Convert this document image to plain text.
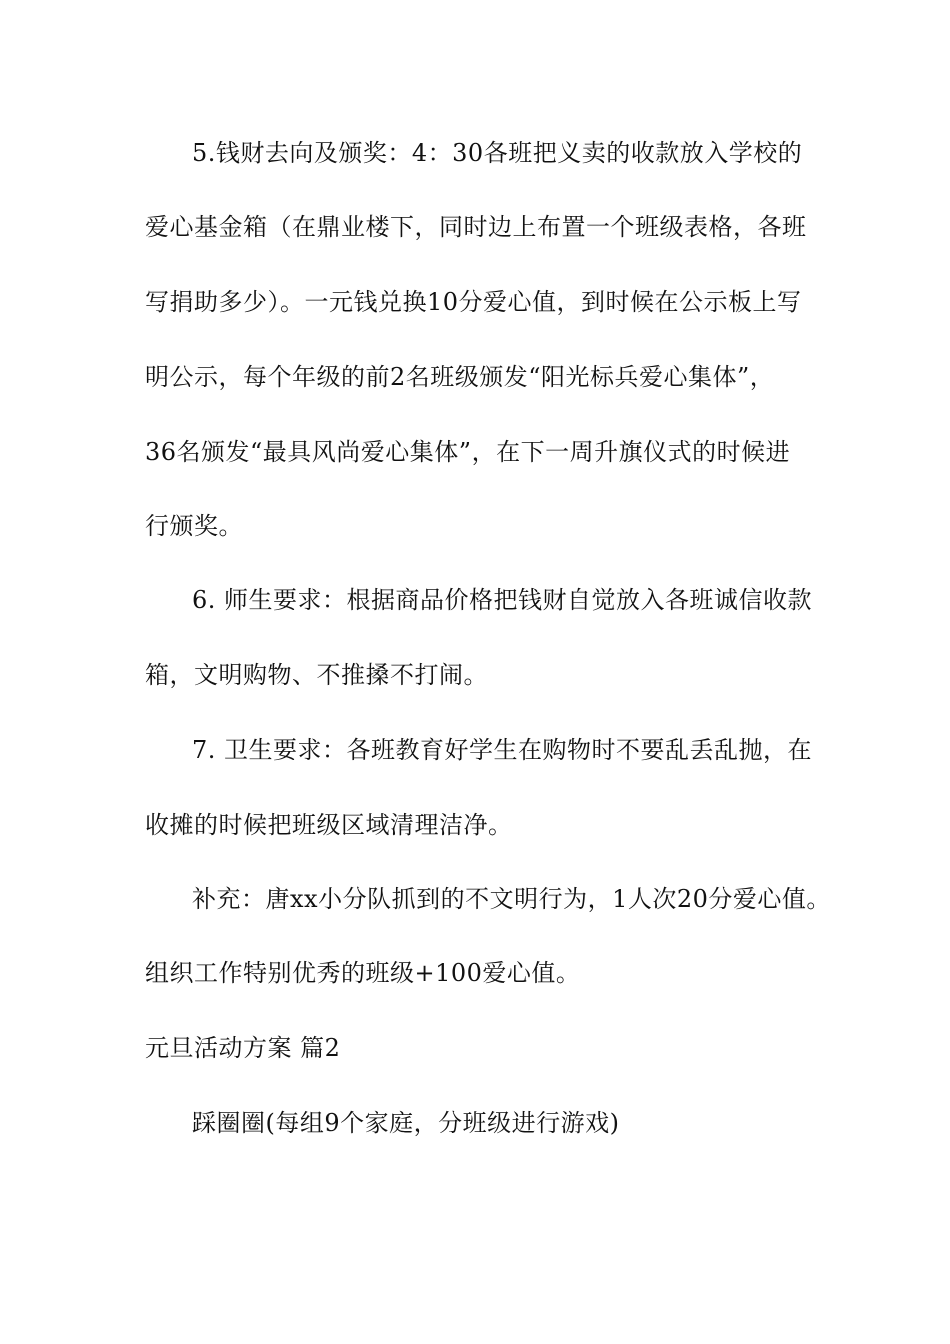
5.钱财去向及颁奖：4：30各班把义卖的收款放入学校的
爱心基金箱（在鼎业楼下，同时边上布置一个班级表格，各班
写捐助多少）。一元钱兑换10分爱心值，到时候在公示板上写
明公示，每个年级的前2名班级颁发“阳光标兵爱心集体”，
36名颁发“最具风尚爱心集体”，在下一周升旗仪式的时候进
行颁奖。
6. 师生要求：根据商品价格把钱财自觉放入各班诚信收款
箱，文明购物、不推搡不打闹。
7. 卫生要求：各班教育好学生在购物时不要乱丢乱抛，在
收摊的时候把班级区域清理洁净。
补充：唐xx小分队抓到的不文明行为，1人次20分爱心值。
组织工作特别优秀的班级+100爱心值。
元旦活动方案 篇2
踩圈圈(每组9个家庭，分班级进行游戏)
